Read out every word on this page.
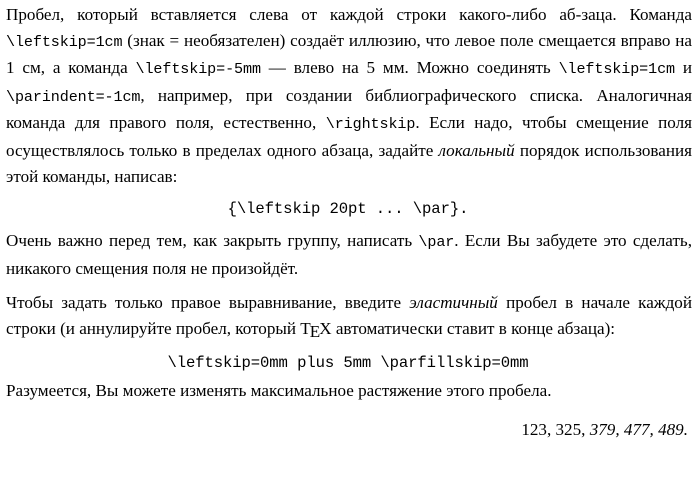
Пробел, который вставляется слева от каждой строки какого-либо аб-заца. Команда \leftskip=1cm (знак = необязателен) создаёт иллюзию, что левое поле смещается вправо на 1 см, а команда \leftskip=-5mm — влево на 5 мм. Можно соединять \leftskip=1cm и \parindent=-1cm, например, при создании библиографического списка. Аналогичная команда для правого поля, естественно, \rightskip. Если надо, чтобы смещение поля осуществлялось только в пределах одного абзаца, задайте локальный порядок использования этой команды, написав:

{\leftskip 20pt ... \par}.

Очень важно перед тем, как закрыть группу, написать \par. Если Вы забудете это сделать, никакого смещения поля не произойдёт.

Чтобы задать только правое выравнивание, введите эластичный пробел в начале каждой строки (и аннулируйте пробел, который TEX автоматически ставит в конце абзаца):

\leftskip=0mm plus 5mm \parfillskip=0mm

Разумеется, Вы можете изменять максимальное растяжение этого пробела.

123, 325, 379, 477, 489.
